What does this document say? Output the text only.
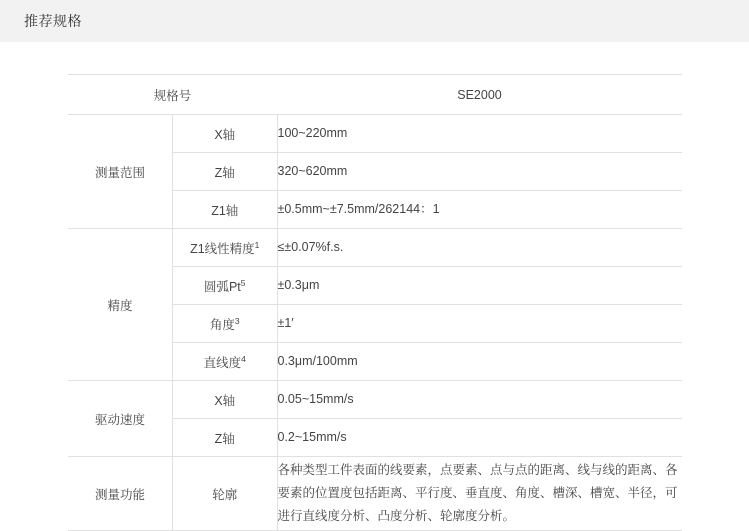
推荐规格
规格号		SE2000
测量范围	X轴	100~220mm
	Z轴	320~620mm
	Z1轴	±0.5mm~±7.5mm/262144：1
精度	Z1线性精度$^1$	≤±0.07%f.s.
	圆弧$Pt^5$	±0.3μm
	角度$^3$	±1′
	直线度$^4$	0.3μm/100mm
驱动速度	X轴	0.05~15mm/s
	Z轴	0.2~15mm/s
测量功能	轮廓	各种类型工件表面的线要素，点要素、点与点的距离、线与线的距离、各要素的位置度包括距离、平行度、垂直度、角度、槽深、槽宽、半径，可进行直线度分析、凸度分析、轮廓度分析。
